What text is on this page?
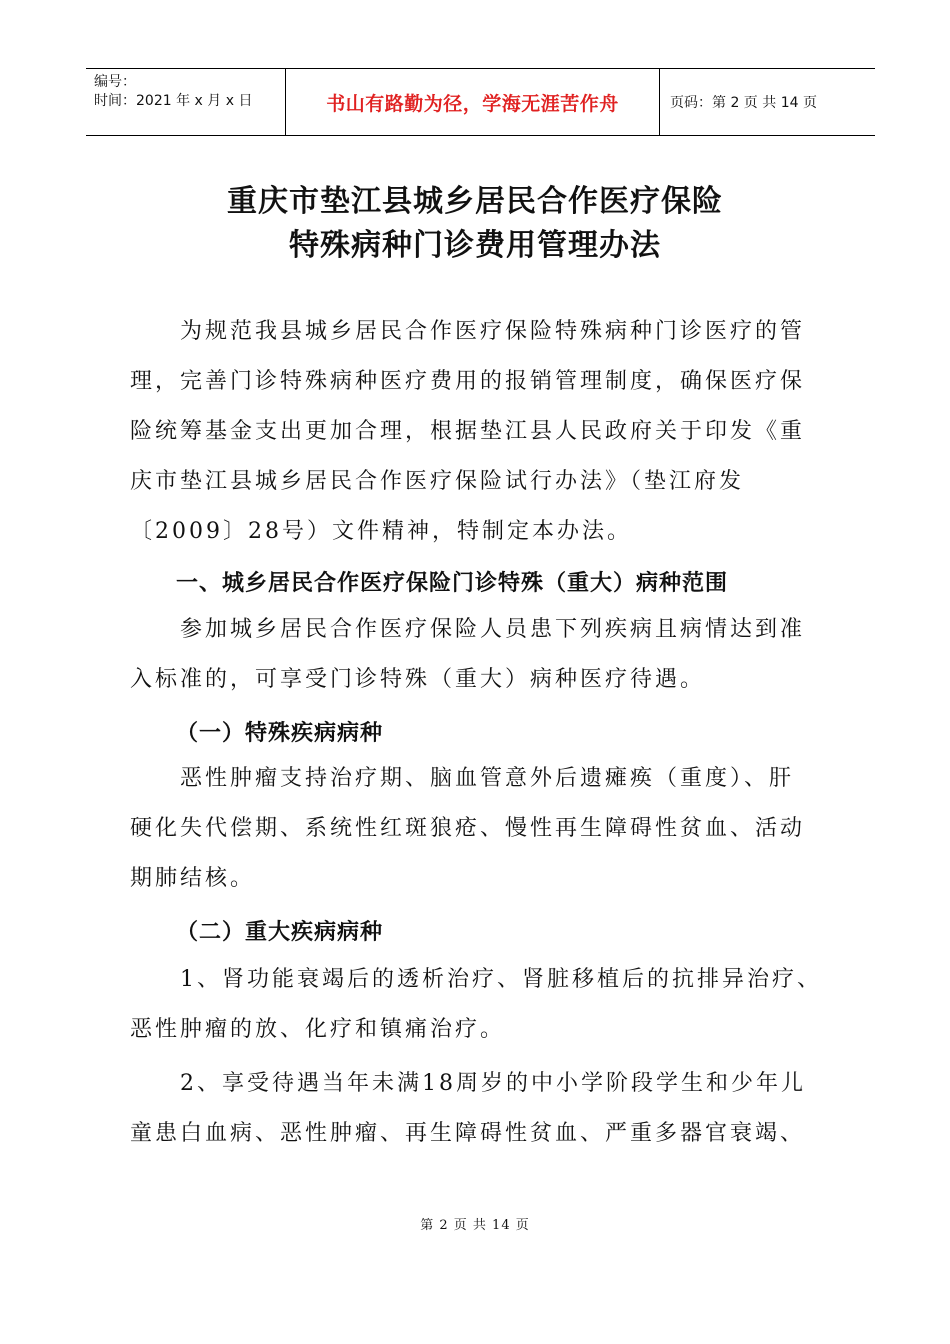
编号：
时间：2021 年 x 月 x 日	书山有路勤为径，学海无涯苦作舟	页码：第 2 页 共 14 页
重庆市垫江县城乡居民合作医疗保险
特殊病种门诊费用管理办法
　　为规范我县城乡居民合作医疗保险特殊病种门诊医疗的管
理，完善门诊特殊病种医疗费用的报销管理制度，确保医疗保
险统筹基金支出更加合理，根据垫江县人民政府关于印发《重
庆市垫江县城乡居民合作医疗保险试行办法》（垫江府发
〔2009〕28号）文件精神，特制定本办法。
一、城乡居民合作医疗保险门诊特殊（重大）病种范围
　　参加城乡居民合作医疗保险人员患下列疾病且病情达到准
入标准的，可享受门诊特殊（重大）病种医疗待遇。
（一）特殊疾病病种
　　恶性肿瘤支持治疗期、脑血管意外后遗瘫痪（重度）、肝
硬化失代偿期、系统性红斑狼疮、慢性再生障碍性贫血、活动
期肺结核。
（二）重大疾病病种
　　1、肾功能衰竭后的透析治疗、肾脏移植后的抗排异治疗、
恶性肿瘤的放、化疗和镇痛治疗。
　　2、享受待遇当年未满18周岁的中小学阶段学生和少年儿
童患白血病、恶性肿瘤、再生障碍性贫血、严重多器官衰竭、
第 2 页 共 14 页
